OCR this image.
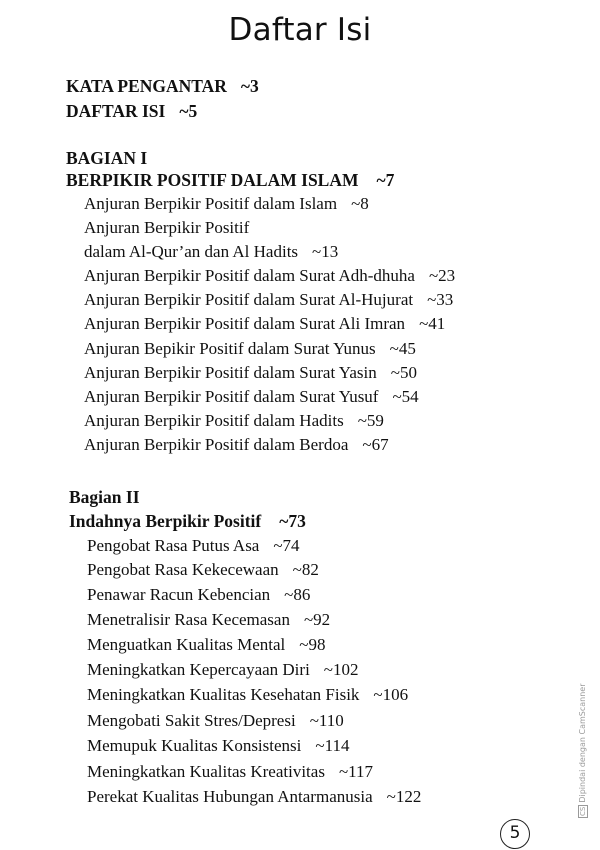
Daftar Isi
KATA PENGANTAR ~3
DAFTAR ISI ~5
BAGIAN I
BERPIKIR POSITIF DALAM ISLAM ~7
Anjuran Berpikir Positif dalam Islam ~8
Anjuran Berpikir Positif
dalam Al-Qur’an dan Al Hadits ~13
Anjuran Berpikir Positif dalam Surat Adh-dhuha ~23
Anjuran Berpikir Positif dalam Surat Al-Hujurat ~33
Anjuran Berpikir Positif dalam Surat Ali Imran ~41
Anjuran Bepikir Positif dalam Surat Yunus ~45
Anjuran Berpikir Positif dalam Surat Yasin ~50
Anjuran Berpikir Positif dalam Surat Yusuf ~54
Anjuran Berpikir Positif dalam Hadits ~59
Anjuran Berpikir Positif dalam Berdoa ~67
Bagian II
Indahnya Berpikir Positif ~73
Pengobat Rasa Putus Asa ~74
Pengobat Rasa Kekecewaan ~82
Penawar Racun Kebencian ~86
Menetralisir Rasa Kecemasan ~92
Menguatkan Kualitas Mental ~98
Meningkatkan Kepercayaan Diri ~102
Meningkatkan Kualitas Kesehatan Fisik ~106
Mengobati Sakit Stres/Depresi ~110
Memupuk Kualitas Konsistensi ~114
Meningkatkan Kualitas Kreativitas ~117
Perekat Kualitas Hubungan Antarmanusia ~122
5
CSDipindai dengan CamScanner
